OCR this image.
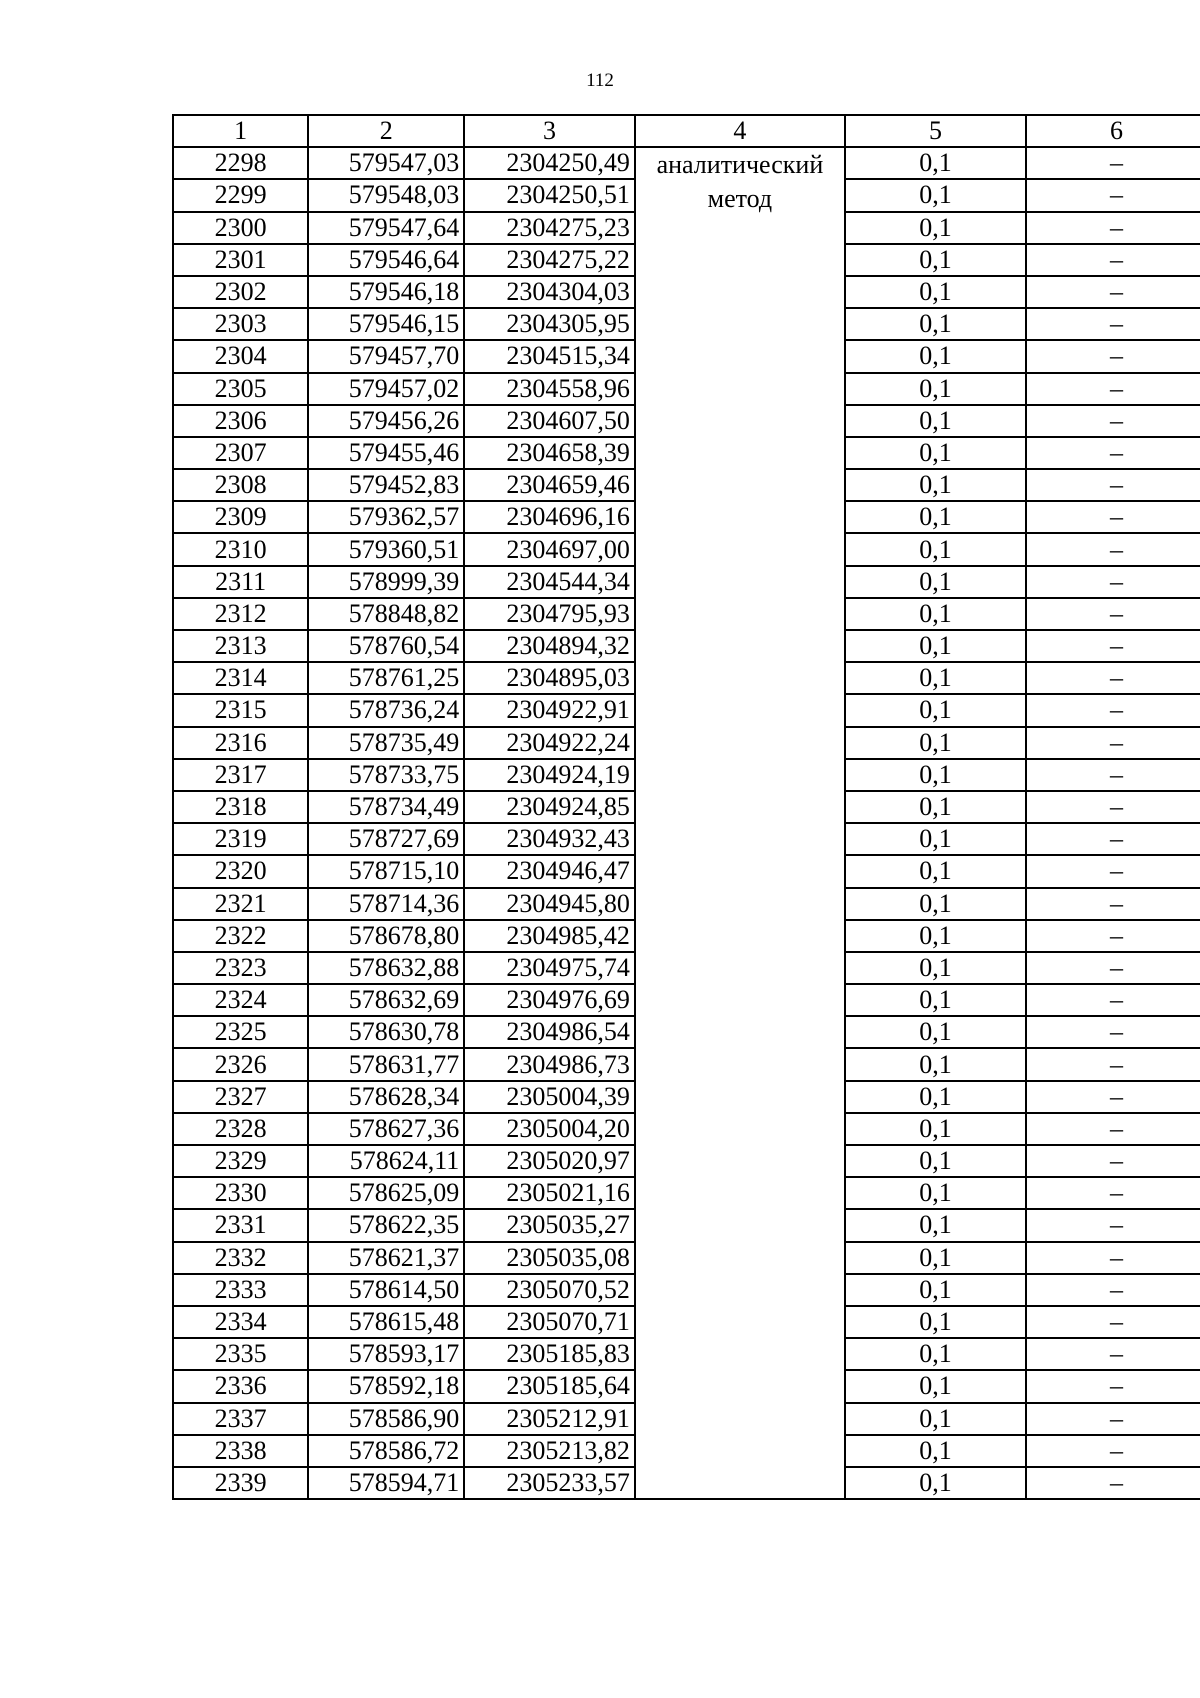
112
1	2	3	4	5	6
2298	579547,03	2304250,49	аналитический метод	0,1	–
2299	579548,03	2304250,51		0,1	–
2300	579547,64	2304275,23		0,1	–
2301	579546,64	2304275,22		0,1	–
2302	579546,18	2304304,03		0,1	–
2303	579546,15	2304305,95		0,1	–
2304	579457,70	2304515,34		0,1	–
2305	579457,02	2304558,96		0,1	–
2306	579456,26	2304607,50		0,1	–
2307	579455,46	2304658,39		0,1	–
2308	579452,83	2304659,46		0,1	–
2309	579362,57	2304696,16		0,1	–
2310	579360,51	2304697,00		0,1	–
2311	578999,39	2304544,34		0,1	–
2312	578848,82	2304795,93		0,1	–
2313	578760,54	2304894,32		0,1	–
2314	578761,25	2304895,03		0,1	–
2315	578736,24	2304922,91		0,1	–
2316	578735,49	2304922,24		0,1	–
2317	578733,75	2304924,19		0,1	–
2318	578734,49	2304924,85		0,1	–
2319	578727,69	2304932,43		0,1	–
2320	578715,10	2304946,47		0,1	–
2321	578714,36	2304945,80		0,1	–
2322	578678,80	2304985,42		0,1	–
2323	578632,88	2304975,74		0,1	–
2324	578632,69	2304976,69		0,1	–
2325	578630,78	2304986,54		0,1	–
2326	578631,77	2304986,73		0,1	–
2327	578628,34	2305004,39		0,1	–
2328	578627,36	2305004,20		0,1	–
2329	578624,11	2305020,97		0,1	–
2330	578625,09	2305021,16		0,1	–
2331	578622,35	2305035,27		0,1	–
2332	578621,37	2305035,08		0,1	–
2333	578614,50	2305070,52		0,1	–
2334	578615,48	2305070,71		0,1	–
2335	578593,17	2305185,83		0,1	–
2336	578592,18	2305185,64		0,1	–
2337	578586,90	2305212,91		0,1	–
2338	578586,72	2305213,82		0,1	–
2339	578594,71	2305233,57		0,1	–
